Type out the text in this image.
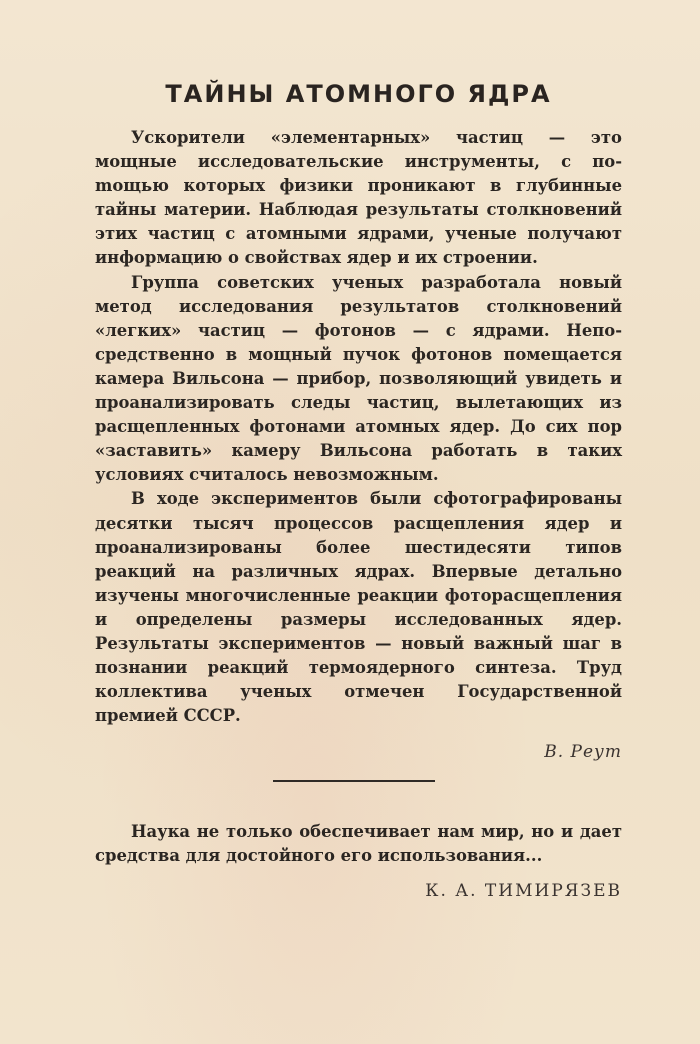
ТАЙНЫ АТОМНОГО ЯДРА

Ускорители «элементарных» частиц — это мощные исследовательские инструменты, с поmощью которых физики проникают в глубинные тайны материи. Наблюдая результаты столкновений этих частиц с атомными ядрами, ученые получают информацию о свойствах ядер и их строении.

Группа советских ученых разработала новый метод исследования результатов столкновений «легких» частиц — фотонов — с ядрами. Непосредственно в мощный пучок фотонов помещается камера Вильсона — прибор, позволяющий увидеть и проанализировать следы частиц, вылетающих из расщепленных фотонами атомных ядер. До сих пор «заставить» камеру Вильсона работать в таких условиях считалось невозможным.

В ходе экспериментов были сфотографированы десятки тысяч процессов расщепления ядер и проанализированы более шестидесяти типов реакций на различных ядрах. Впервые детально изучены многочисленные реакции фоторасщепления и определены размеры исследованных ядер. Результаты экспериментов — новый важный шаг в познании реакций термоядерного синтеза. Труд коллектива ученых отмечен Государственной премией СССР.

В. Реут

Наука не только обеспечивает нам мир, но и дает средства для достойного его использования...

К. А. ТИМИРЯЗЕВ
